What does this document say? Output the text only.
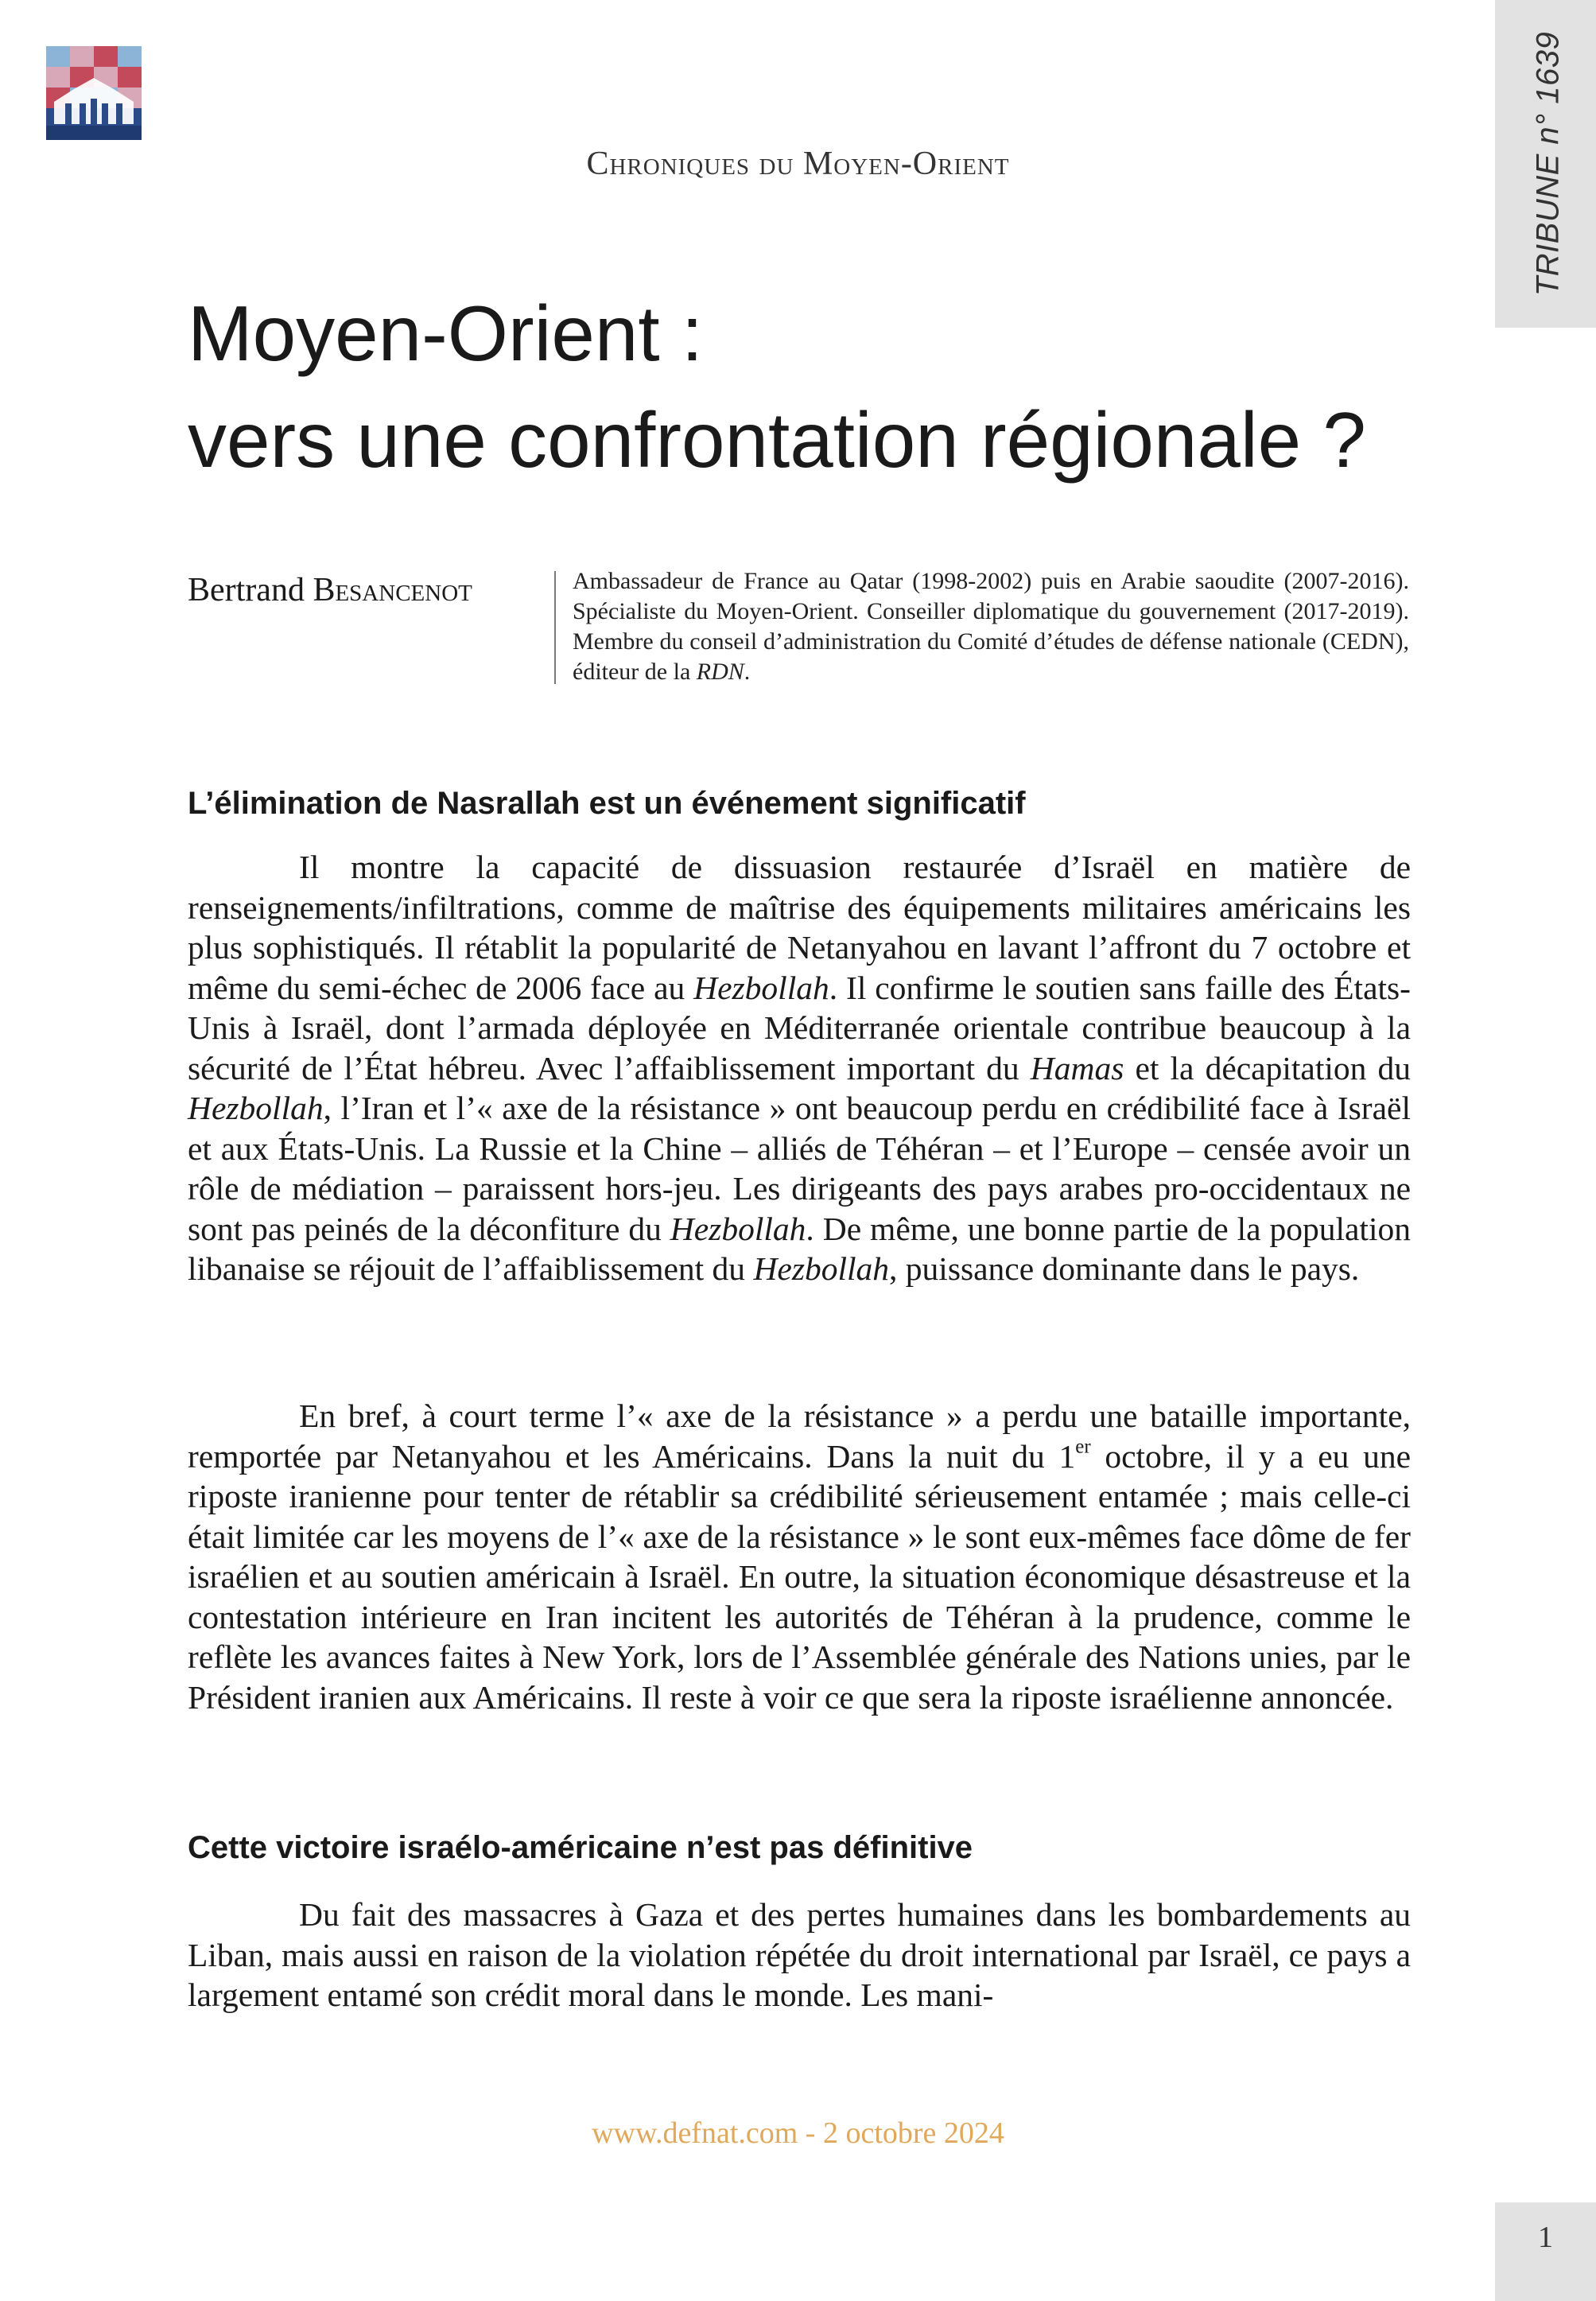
TRIBUNE n° 1639
Chroniques du Moyen-Orient
Moyen-Orient :
vers une confrontation régionale ?
Bertrand Besancenot	Ambassadeur de France au Qatar (1998-2002) puis en Arabie saoudite (2007-2016). Spécialiste du Moyen-Orient. Conseiller diplomatique du gouvernement (2017-2019). Membre du conseil d’administration du Comité d’études de défense nationale (CEDN), éditeur de la RDN.

L’élimination de Nasrallah est un événement significatif

Il montre la capacité de dissuasion restaurée d’Israël en matière de renseignements/infiltrations, comme de maîtrise des équipements militaires américains les plus sophistiqués. Il rétablit la popularité de Netanyahou en lavant l’affront du 7 octobre et même du semi-échec de 2006 face au Hezbollah. Il confirme le soutien sans faille des États-Unis à Israël, dont l’armada déployée en Méditerranée orientale contribue beaucoup à la sécurité de l’État hébreu. Avec l’affaiblissement important du Hamas et la décapitation du Hezbollah, l’Iran et l’« axe de la résistance » ont beaucoup perdu en crédibilité face à Israël et aux États-Unis. La Russie et la Chine – alliés de Téhéran – et l’Europe – censée avoir un rôle de médiation – paraissent hors-jeu. Les dirigeants des pays arabes pro-occidentaux ne sont pas peinés de la déconfiture du Hezbollah. De même, une bonne partie de la population libanaise se réjouit de l’affaiblissement du Hezbollah, puissance dominante dans le pays.

En bref, à court terme l’« axe de la résistance » a perdu une bataille importante, remportée par Netanyahou et les Américains. Dans la nuit du 1er octobre, il y a eu une riposte iranienne pour tenter de rétablir sa crédibilité sérieusement entamée ; mais celle-ci était limitée car les moyens de l’« axe de la résistance » le sont eux-mêmes face dôme de fer israélien et au soutien américain à Israël. En outre, la situation économique désastreuse et la contestation intérieure en Iran incitent les autorités de Téhéran à la prudence, comme le reflète les avances faites à New York, lors de l’Assemblée générale des Nations unies, par le Président iranien aux Américains. Il reste à voir ce que sera la riposte israélienne annoncée.

Cette victoire israélo-américaine n’est pas définitive

Du fait des massacres à Gaza et des pertes humaines dans les bombardements au Liban, mais aussi en raison de la violation répétée du droit international par Israël, ce pays a largement entamé son crédit moral dans le monde. Les mani-

www.defnat.com - 2 octobre 2024
1
